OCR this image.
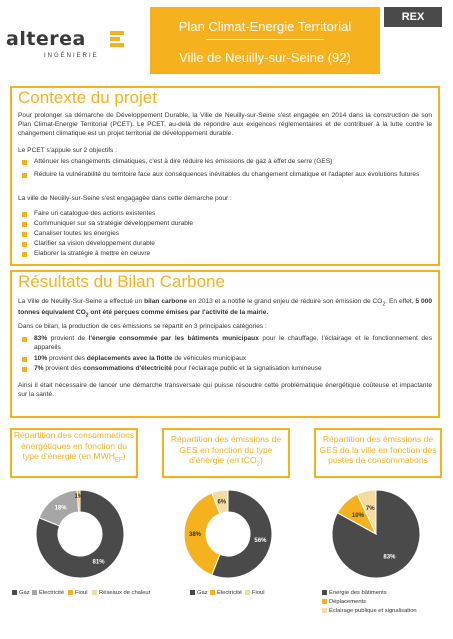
alterea
INGÉNIERIE
Plan Climat-Energie Territorial
Ville de Neuilly-sur-Seine (92)
REX
Contexte du projet
Pour prolonger sa démarche de Développement Durable, la Ville de Neuilly-sur-Seine s'est engagée en 2014 dans la construction de son Plan Climat-Energie Territorial (PCET). Le PCET, au-delà de répondre aux exigences réglementaires et de contribuer à la lutte contre le changement climatique est un projet territorial de développement durable.
Le PCET s'appuie sur 2 objectifs :
Atténuer les changements climatiques, c'est à dire réduire les émissions de gaz à effet de serre (GES)
Réduire la vulnérabilité du territoire face aux conséquences inévitables du changement climatique et l'adapter aux évolutions futures
La ville de Neuilly-sur-Seine s'est engagagée dans cette démarche pour :
Faire un catalogue des actions existentes
Communiquer sur sa stratégie développement durable
Canaliser toutes les énergies
Clarifier sa vision développement durable
Elaborer la stratégie à mettre en oeuvre
Résultats du Bilan Carbone
La Ville de Neuilly-Sur-Seine a effectué un bilan carbone en 2013 et a notifié le grand enjeu de réduire son émission de $CO_2$. En effet, 5 000 tonnes équivalent $CO_2$ ont été perçues comme émises par l'activité de la mairie.
Dans ce bilan, la production de ces émissions se répartit en 3 principales catégories :
83% provient de l'énergie consommée par les bâtiments municipaux pour le chauffage, l'éclairage et le fonctionnement des appareils
10% provient des déplacements avec la flotte de véhicules municipaux
7% provient des consommations d'électricité pour l'éclairage public et la signalisation lumineuse
Ainsi il était nécessaire de lancer une démarche transversale qui puisse résoudre cette problématique énergétique coûteuse et impactante sur la santé.
Répartition des consommations énergétiques en fonction du type d'énergie (en $MWH_{EF}$)
Répartition des émissions de GES en fonction du type d'énergie (en tCO$_2$)
Répartition des émissions de GES de la ville en fonction des postes de consommations
81%
18%
1%
56%
38%
6%
83%
10%
7%
Gaz	Électricité	Fioul	Réseaux de chaleur	Gaz	Électricité	Fioul	Énergie des bâtiments
Déplacements
Éclairage publique et signalisation
